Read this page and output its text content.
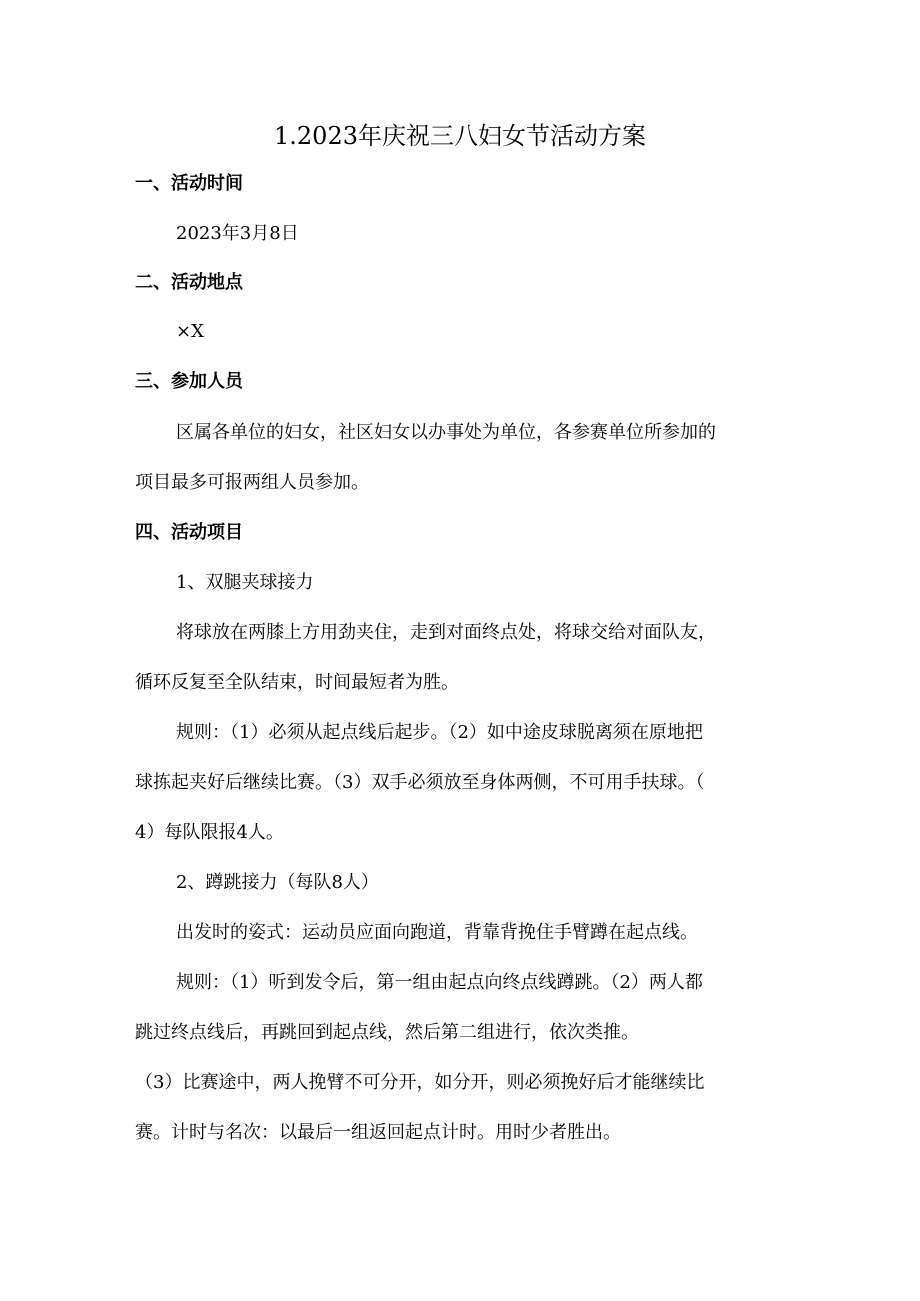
1.2023年庆祝三八妇女节活动方案
一、活动时间
2023年3月8日
二、活动地点
×X
三、参加人员
区属各单位的妇女，社区妇女以办事处为单位，各参赛单位所参加的
项目最多可报两组人员参加。
四、活动项目
1、双腿夹球接力
将球放在两膝上方用劲夹住，走到对面终点处，将球交给对面队友，
循环反复至全队结束，时间最短者为胜。
规则：（1）必须从起点线后起步。（2）如中途皮球脱离须在原地把
球拣起夹好后继续比赛。（3）双手必须放至身体两侧，不可用手扶球。（
4）每队限报4人。
2、蹲跳接力（每队8人）
出发时的姿式：运动员应面向跑道，背靠背挽住手臂蹲在起点线。
规则：（1）听到发令后，第一组由起点向终点线蹲跳。（2）两人都
跳过终点线后，再跳回到起点线，然后第二组进行，依次类推。
（3）比赛途中，两人挽臂不可分开，如分开，则必须挽好后才能继续比
赛。计时与名次：以最后一组返回起点计时。用时少者胜出。
